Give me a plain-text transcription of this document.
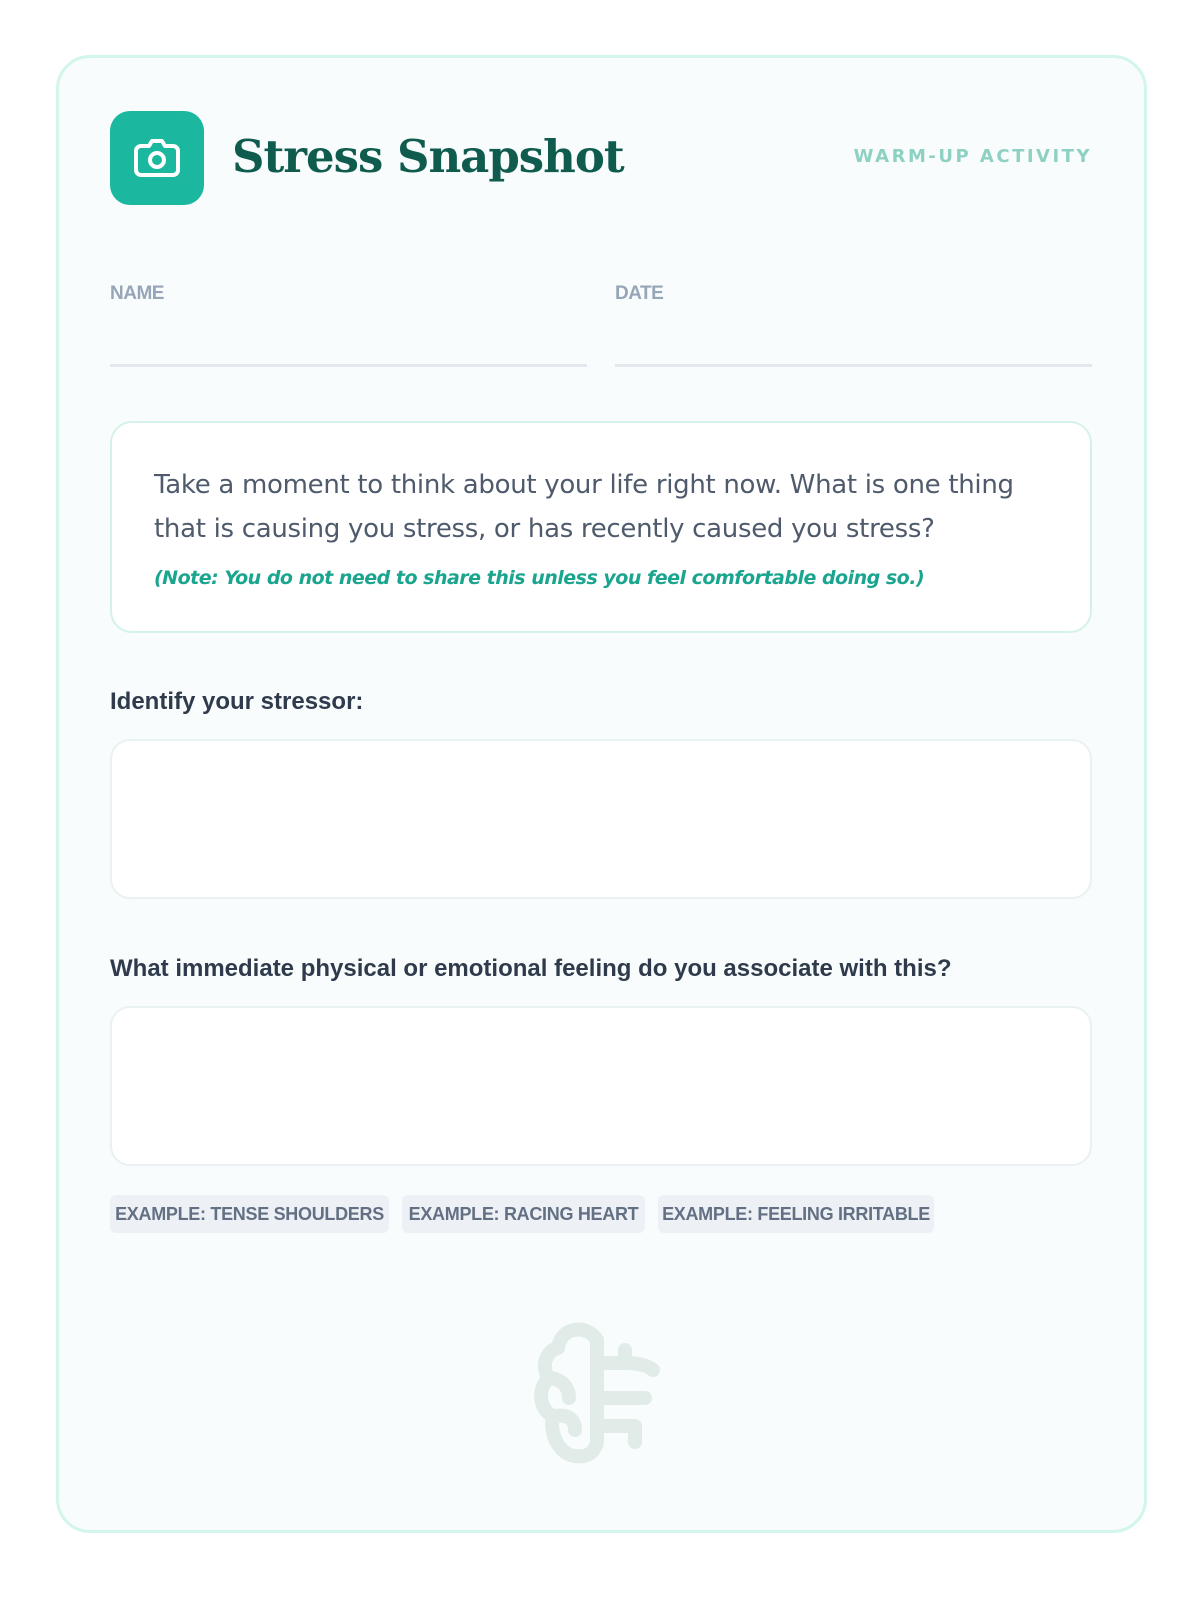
Stress Snapshot	WARM-UP ACTIVITY
NAME	DATE
Take a moment to think about your life right now. What is one thing that is causing you stress, or has recently caused you stress?
(Note: You do not need to share this unless you feel comfortable doing so.)
Identify your stressor:
What immediate physical or emotional feeling do you associate with this?
EXAMPLE: TENSE SHOULDERS	EXAMPLE: RACING HEART	EXAMPLE: FEELING IRRITABLE
